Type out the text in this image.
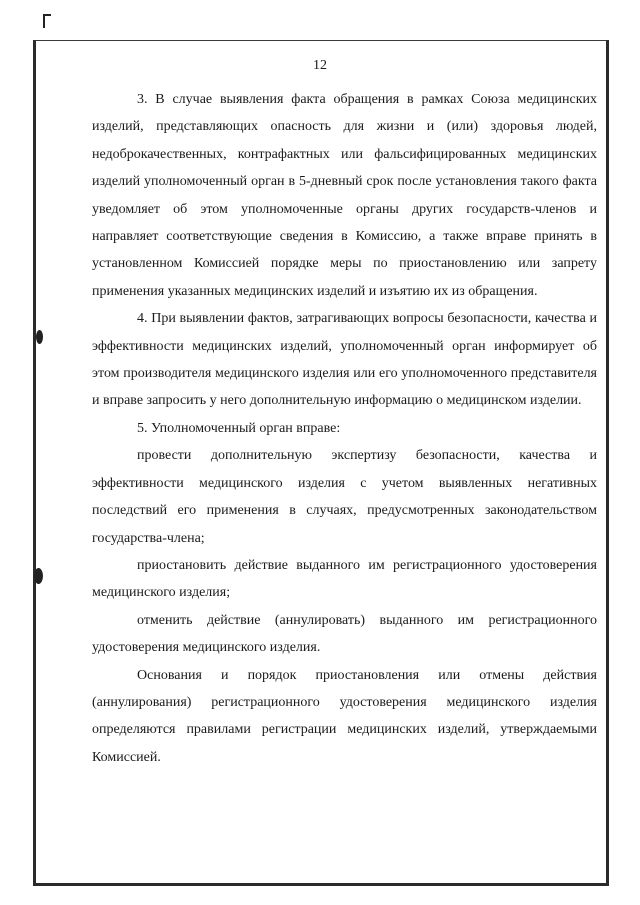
12

3. В случае выявления факта обращения в рамках Союза медицинских изделий, представляющих опасность для жизни и (или) здоровья людей, недоброкачественных, контрафактных или фальсифицированных медицинских изделий уполномоченный орган в 5-дневный срок после установления такого факта уведомляет об этом уполномоченные органы других государств-членов и направляет соответствующие сведения в Комиссию, а также вправе принять в установленном Комиссией порядке меры по приостановлению или запрету применения указанных медицинских изделий и изъятию их из обращения.

4. При выявлении фактов, затрагивающих вопросы безопасности, качества и эффективности медицинских изделий, уполномоченный орган информирует об этом производителя медицинского изделия или его уполномоченного представителя и вправе запросить у него дополнительную информацию о медицинском изделии.

5. Уполномоченный орган вправе:

провести дополнительную экспертизу безопасности, качества и эффективности медицинского изделия с учетом выявленных негативных последствий его применения в случаях, предусмотренных законодательством государства-члена;

приостановить действие выданного им регистрационного удостоверения медицинского изделия;

отменить действие (аннулировать) выданного им регистрационного удостоверения медицинского изделия.

Основания и порядок приостановления или отмены действия (аннулирования) регистрационного удостоверения медицинского изделия определяются правилами регистрации медицинских изделий, утверждаемыми Комиссией.
